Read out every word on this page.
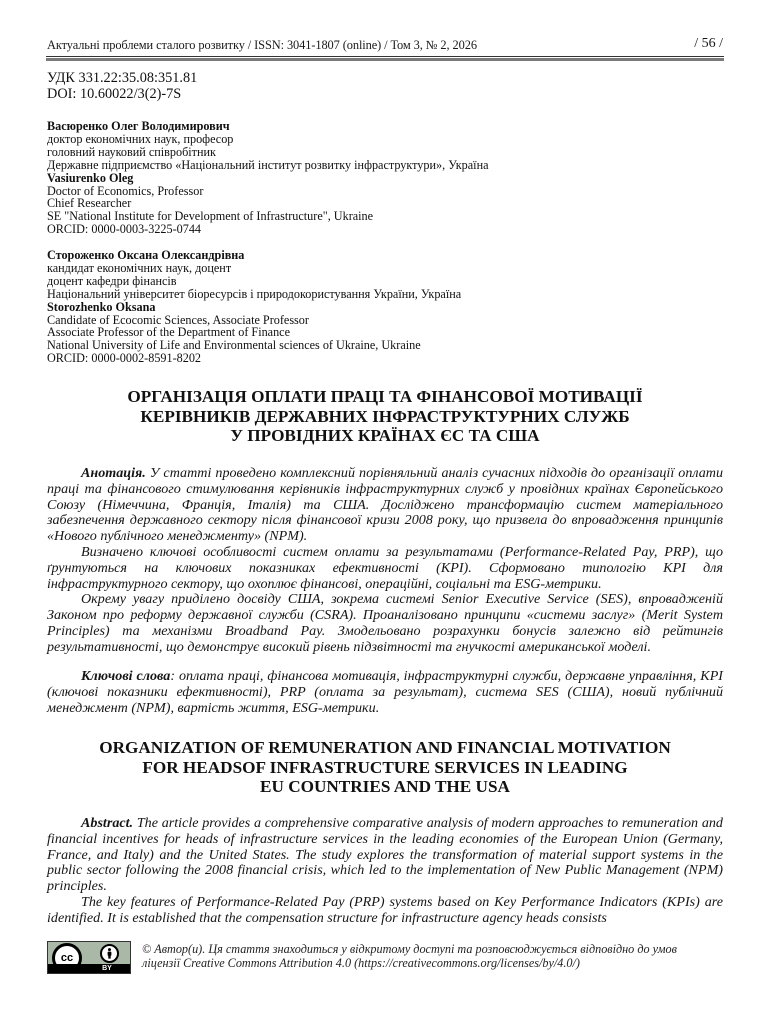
Актуальні проблеми сталого розвитку / ISSN: 3041-1807 (online) / Том 3, № 2, 2026	/ 56 /
УДК 331.22:35.08:351.81
DOI: 10.60022/3(2)-7S
Васюренко Олег Володимирович
доктор економічних наук, професор
головний науковий співробітник
Державне підприємство «Національний інститут розвитку інфраструктури», Україна
Vasiurenko Oleg
Doctor of Economics, Professor
Chief Researcher
SE "National Institute for Development of Infrastructure", Ukraine
ORCID: 0000-0003-3225-0744
Стороженко Оксана Олександрівна
кандидат економічних наук, доцент
доцент кафедри фінансів
Національний університет біоресурсів і природокористування України, Україна
Storozhenko Oksana
Candidate of Ecocomic Sciences, Associate Professor
Associate Professor of the Department of Finance
National University of Life and Environmental sciences of Ukraine, Ukraine
ORCID: 0000-0002-8591-8202
ОРГАНІЗАЦІЯ ОПЛАТИ ПРАЦІ ТА ФІНАНСОВОЇ МОТИВАЦІЇ
КЕРІВНИКІВ ДЕРЖАВНИХ ІНФРАСТРУКТУРНИХ СЛУЖБ
У ПРОВІДНИХ КРАЇНАХ ЄС ТА США

Анотація. У статті проведено комплексний порівняльний аналіз сучасних підходів до організації оплати праці та фінансового стимулювання керівників інфраструктурних служб у провідних країнах Європейського Союзу (Німеччина, Франція, Італія) та США. Досліджено трансформацію систем матеріального забезпечення державного сектору після фінансової кризи 2008 року, що призвела до впровадження принципів «Нового публічного менеджменту» (NPM).

Визначено ключові особливості систем оплати за результатами (Performance-Related Pay, PRP), що ґрунтуються на ключових показниках ефективності (KPI). Сформовано типологію KPI для інфраструктурного сектору, що охоплює фінансові, операційні, соціальні та ESG-метрики.

Окрему увагу приділено досвіду США, зокрема системі Senior Executive Service (SES), впровадженій Законом про реформу державної служби (CSRA). Проаналізовано принципи «системи заслуг» (Merit System Principles) та механізми Broadband Pay. Змодельовано розрахунки бонусів залежно від рейтингів результативності, що демонструє високий рівень підзвітності та гнучкості американської моделі.

Ключові слова: оплата праці, фінансова мотивація, інфраструктурні служби, державне управління, KPI (ключові показники ефективності), PRP (оплата за результат), система SES (США), новий публічний менеджмент (NPM), вартість життя, ESG-метрики.

ORGANIZATION OF REMUNERATION AND FINANCIAL MOTIVATION
FOR HEADSOF INFRASTRUCTURE SERVICES IN LEADING
EU COUNTRIES AND THE USA

Abstract. The article provides a comprehensive comparative analysis of modern approaches to remuneration and financial incentives for heads of infrastructure services in the leading economies of the European Union (Germany, France, and Italy) and the United States. The study explores the transformation of material support systems in the public sector following the 2008 financial crisis, which led to the implementation of New Public Management (NPM) principles.

The key features of Performance-Related Pay (PRP) systems based on Key Performance Indicators (KPIs) are identified. It is established that the compensation structure for infrastructure agency heads consists

cc
BY
© Автор(и). Ця стаття знаходиться у відкритому доступі та розповсюджується відповідно до умов
ліцензії Creative Commons Attribution 4.0 (https://creativecommons.org/licenses/by/4.0/)
